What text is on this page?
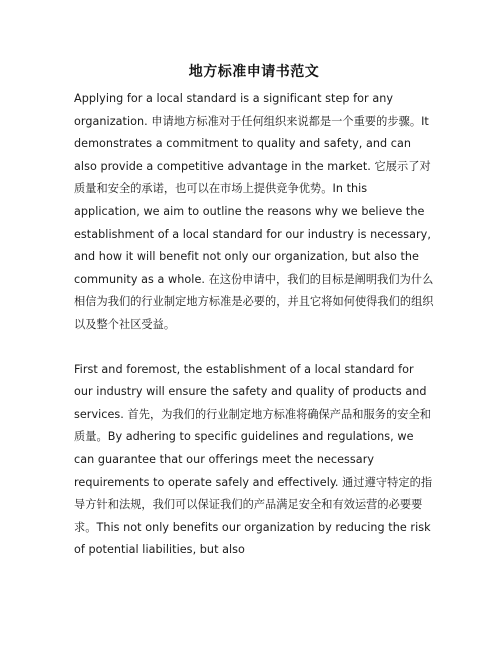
地方标准申请书范文

Applying for a local standard is a significant step for any organization. 申请地方标准对于任何组织来说都是一个重要的步骤。It demonstrates a commitment to quality and safety, and can also provide a competitive advantage in the market. 它展示了对质量和安全的承诺，也可以在市场上提供竞争优势。In this application, we aim to outline the reasons why we believe the establishment of a local standard for our industry is necessary, and how it will benefit not only our organization, but also the community as a whole. 在这份申请中，我们的目标是阐明我们为什么相信为我们的行业制定地方标准是必要的，并且它将如何使得我们的组织以及整个社区受益。

First and foremost, the establishment of a local standard for our industry will ensure the safety and quality of products and services. 首先，为我们的行业制定地方标准将确保产品和服务的安全和质量。By adhering to specific guidelines and regulations, we can guarantee that our offerings meet the necessary requirements to operate safely and effectively. 通过遵守特定的指导方针和法规，我们可以保证我们的产品满足安全和有效运营的必要要求。This not only benefits our organization by reducing the risk of potential liabilities, but also
